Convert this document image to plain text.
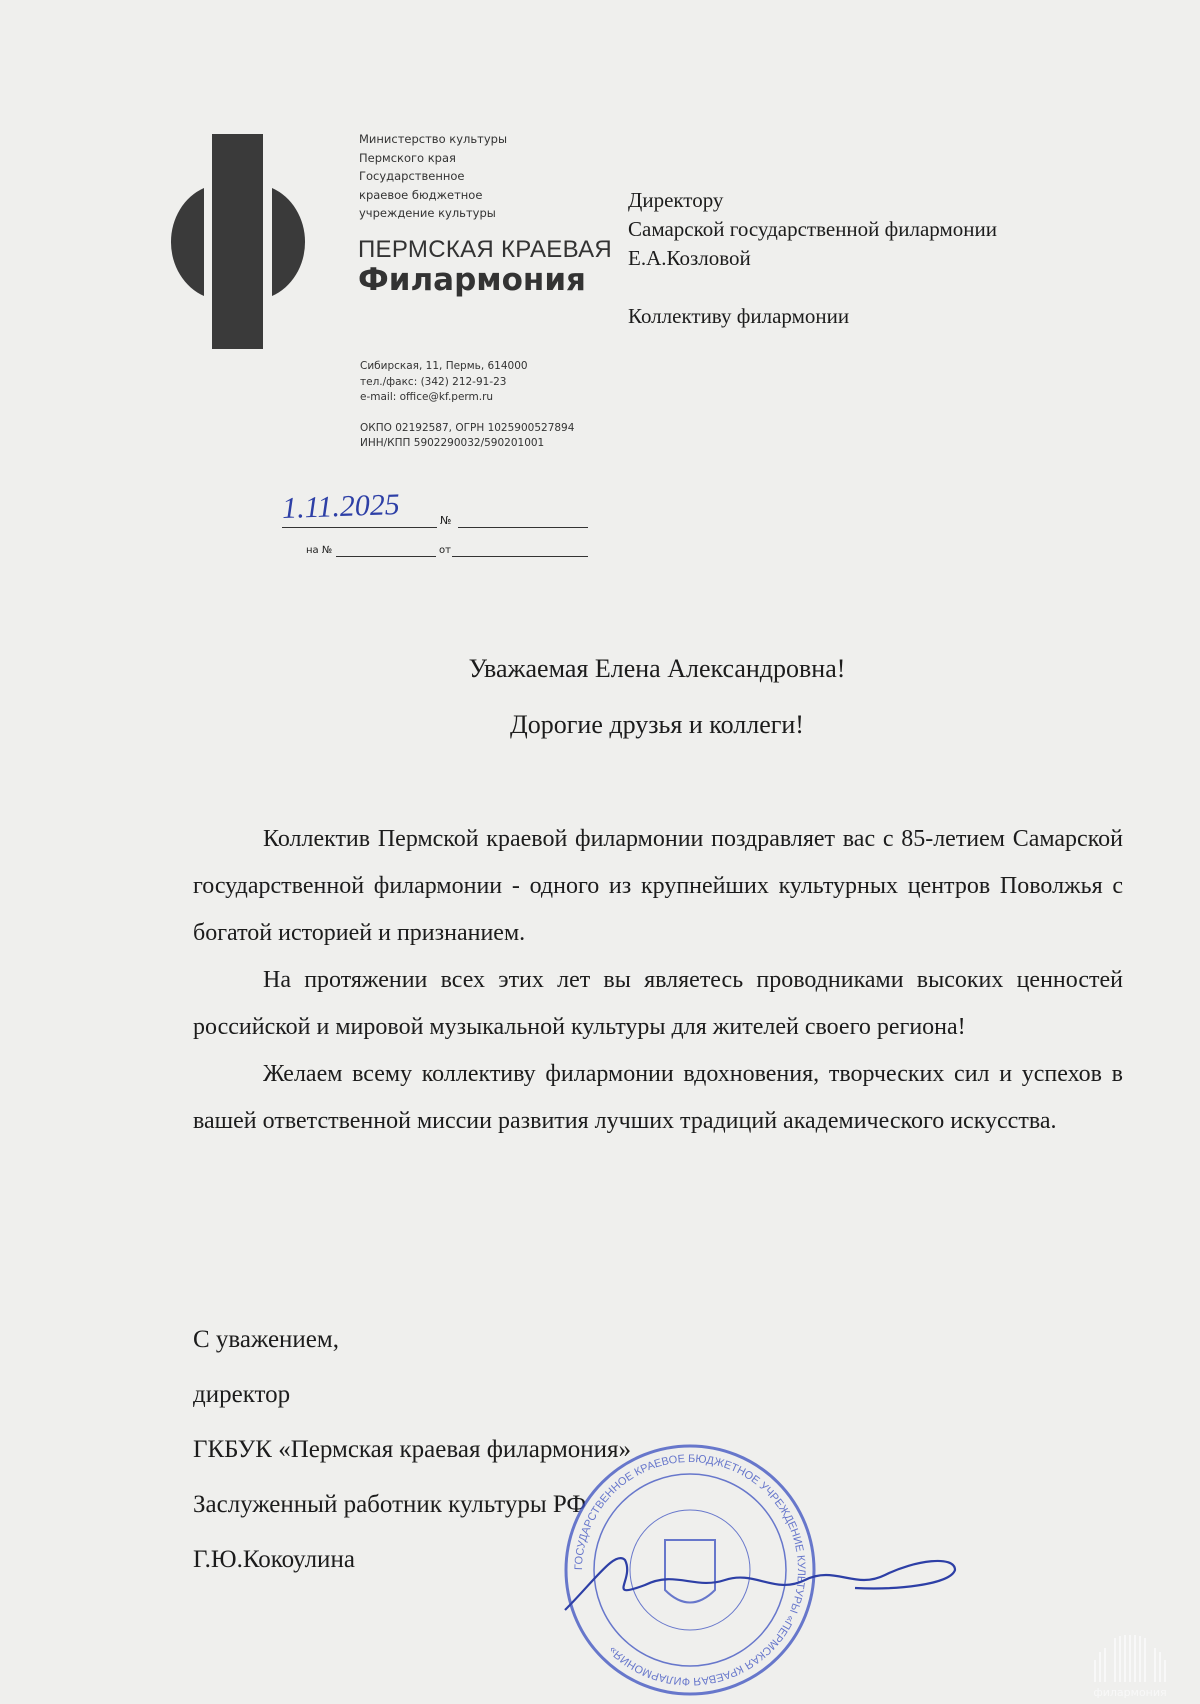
Министерство культуры
Пермского края
Государственное
краевое бюджетное
учреждение культуры
ПЕРМСКАЯ КРАЕВАЯ
Филармония
Сибирская, 11, Пермь, 614000
тел./факс: (342) 212-91-23
e-mail: office@kf.perm.ru
ОКПО 02192587, ОГРН 1025900527894
ИНН/КПП 5902290032/590201001
1.11.2025	№
на №	от
Директору
Самарской государственной филармонии
Е.А.Козловой
Коллективу филармонии
Уважаемая Елена Александровна!
Дорогие друзья и коллеги!

Коллектив Пермской краевой филармонии поздравляет вас с 85-летием Самарской государственной филармонии - одного из крупнейших культурных центров Поволжья с богатой историей и признанием.

На протяжении всех этих лет вы являетесь проводниками высоких ценностей российской и мировой музыкальной культуры для жителей своего региона!

Желаем всему коллективу филармонии вдохновения, творческих сил и успехов в вашей ответственной миссии развития лучших традиций академического искусства.

С уважением,
директор
ГКБУК «Пермская краевая филармония»
Заслуженный работник культуры РФ
Г.Ю.Кокоулина	ГОСУДАРСТВЕННОЕ КРАЕВОЕ БЮДЖЕТНОЕ УЧРЕЖДЕНИЕ КУЛЬТУРЫ «ПЕРМСКАЯ КРАЕВАЯ ФИЛАРМОНИЯ»
филармония
